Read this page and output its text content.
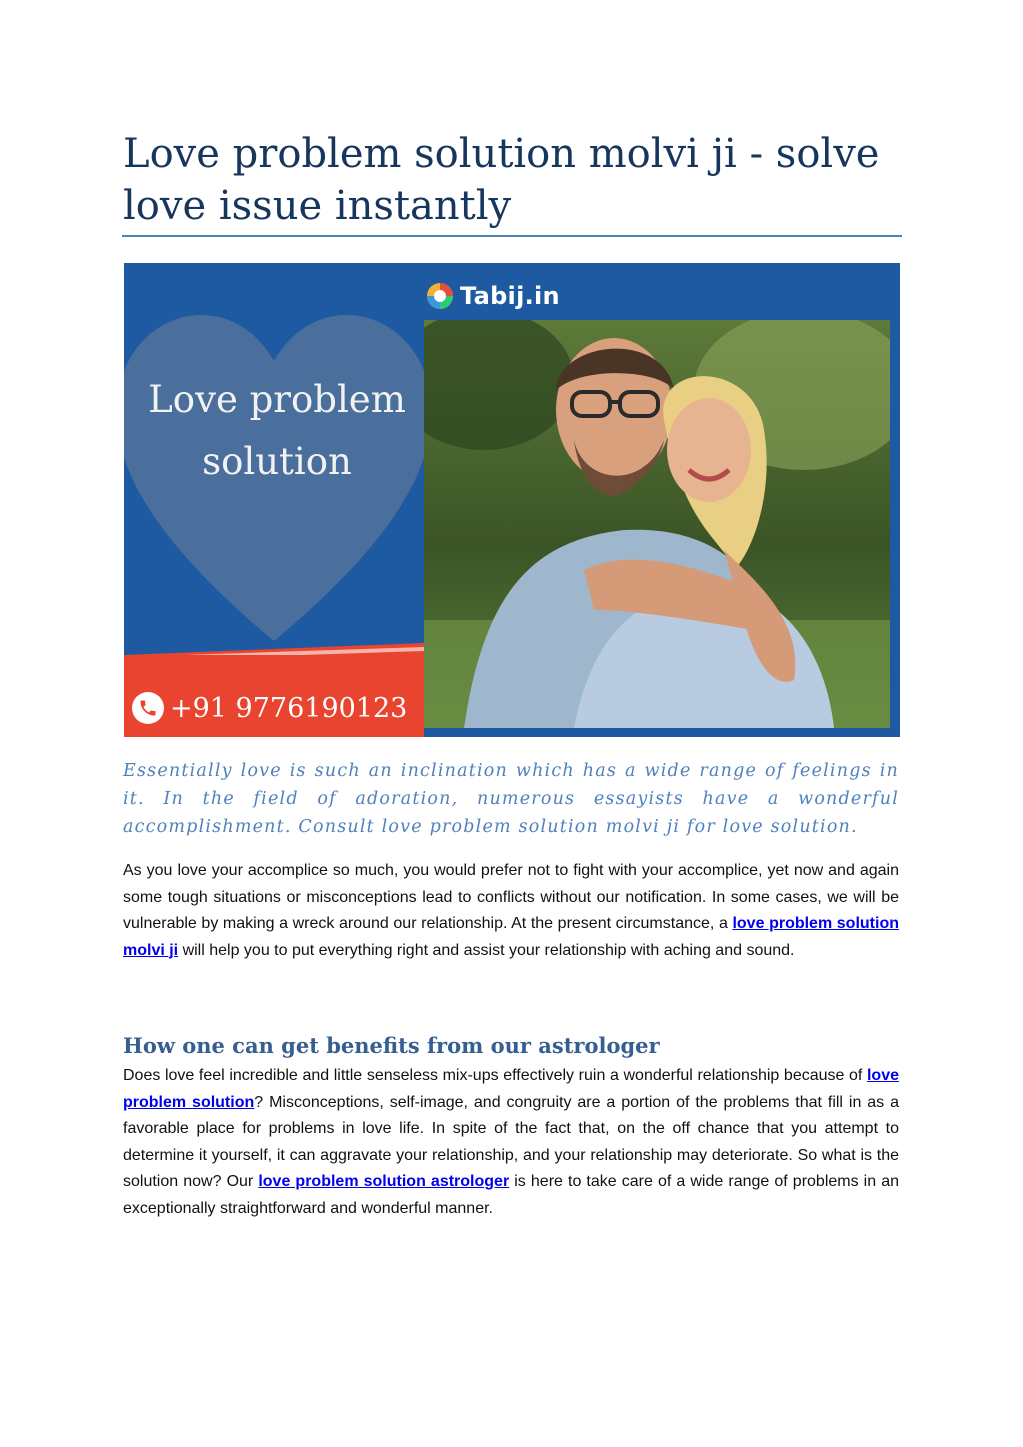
Love problem solution molvi ji - solve love issue instantly
Tabij.in
Love problem
solution
+91 9776190123

Essentially love is such an inclination which has a wide range of feelings in it. In the field of adoration, numerous essayists have a wonderful accomplishment. Consult love problem solution molvi ji for love solution.

As you love your accomplice so much, you would prefer not to fight with your accomplice, yet now and again some tough situations or misconceptions lead to conflicts without our notification. In some cases, we will be vulnerable by making a wreck around our relationship. At the present circumstance, a love problem solution molvi ji will help you to put everything right and assist your relationship with aching and sound.

How one can get benefits from our astrologer

Does love feel incredible and little senseless mix-ups effectively ruin a wonderful relationship because of love problem solution? Misconceptions, self-image, and congruity are a portion of the problems that fill in as a favorable place for problems in love life. In spite of the fact that, on the off chance that you attempt to determine it yourself, it can aggravate your relationship, and your relationship may deteriorate. So what is the solution now? Our love problem solution astrologer is here to take care of a wide range of problems in an exceptionally straightforward and wonderful manner.
